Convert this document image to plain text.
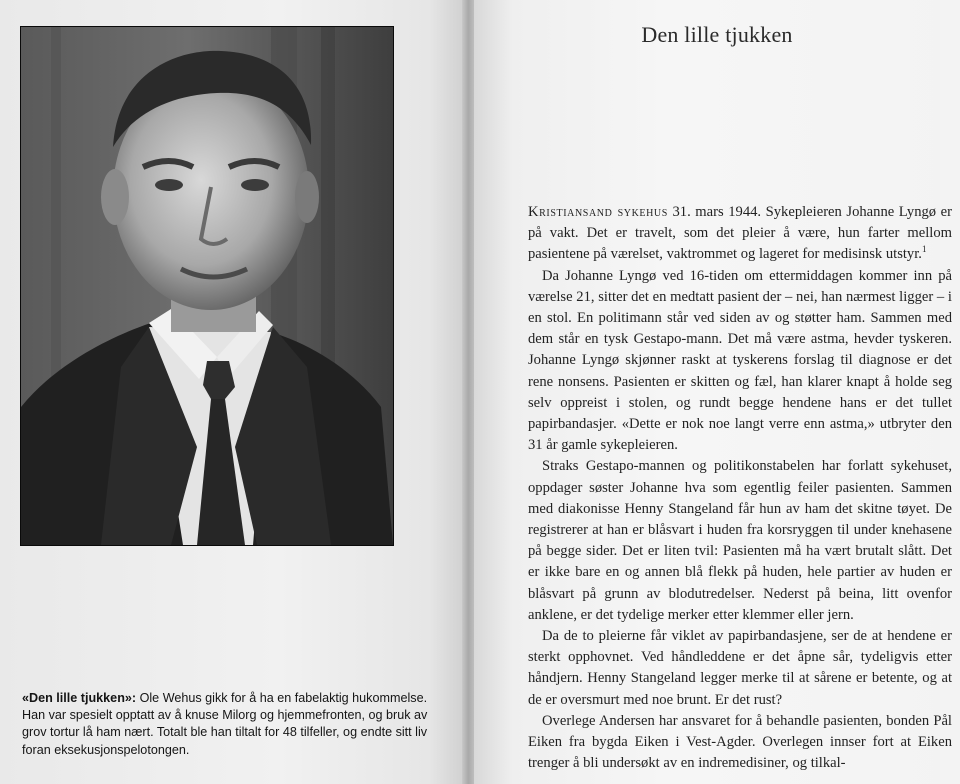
«Den lille tjukken»: Ole Wehus gikk for å ha en fabelaktig hukommelse. Han var spesielt opptatt av å knuse Milorg og hjemmefronten, og bruk av grov tortur lå ham nært. Totalt ble han tiltalt for 48 tilfeller, og endte sitt liv foran eksekusjonspelotongen.
Den lille tjukken

Kristiansand sykehus 31. mars 1944. Sykepleieren Johanne Lyngø er på vakt. Det er travelt, som det pleier å være, hun farter mellom pasientene på værelset, vaktrommet og lageret for medisinsk utstyr.$^1$

Da Johanne Lyngø ved 16-tiden om ettermiddagen kommer inn på værelse 21, sitter det en medtatt pasient der – nei, han nærmest ligger – i en stol. En politimann står ved siden av og støtter ham. Sammen med dem står en tysk Gestapo-mann. Det må være astma, hevder tyskeren. Johanne Lyngø skjønner raskt at tyskerens forslag til diagnose er det rene nonsens. Pasienten er skitten og fæl, han klarer knapt å holde seg selv oppreist i stolen, og rundt begge hendene hans er det tullet papirbandasjer. «Dette er nok noe langt verre enn astma,» utbryter den 31 år gamle sykepleieren.

Straks Gestapo-mannen og politikonstabelen har forlatt sykehuset, oppdager søster Johanne hva som egentlig feiler pasienten. Sammen med diakonisse Henny Stangeland får hun av ham det skitne tøyet. De registrerer at han er blåsvart i huden fra korsryggen til under knehasene på begge sider. Det er liten tvil: Pasienten må ha vært brutalt slått. Det er ikke bare en og annen blå flekk på huden, hele partier av huden er blåsvart på grunn av blodutredelser. Nederst på beina, litt ovenfor anklene, er det tydelige merker etter klemmer eller jern.

Da de to pleierne får viklet av papirbandasjene, ser de at hendene er sterkt opphovnet. Ved håndleddene er det åpne sår, tydeligvis etter håndjern. Henny Stangeland legger merke til at sårene er betente, og at de er oversmurt med noe brunt. Er det rust?

Overlege Andersen har ansvaret for å behandle pasienten, bonden Pål Eiken fra bygda Eiken i Vest-Agder. Overlegen innser fort at Eiken trenger å bli undersøkt av en indremedisiner, og tilkal-
